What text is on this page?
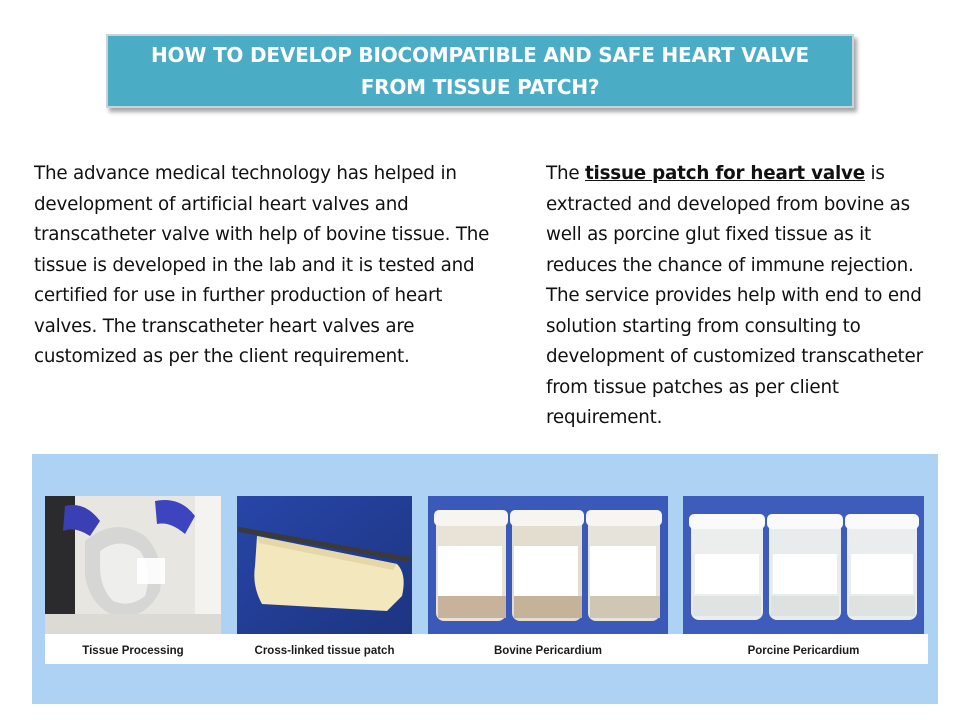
HOW TO DEVELOP BIOCOMPATIBLE AND SAFE HEART VALVE
FROM TISSUE PATCH?
The advance medical technology has helped in development of artificial heart valves and transcatheter valve with help of bovine tissue. The tissue is developed in the lab and it is tested and certified for use in further production of heart valves. The transcatheter heart valves are customized as per the client requirement.
The tissue patch for heart valve is extracted and developed from bovine as well as porcine glut fixed tissue as it reduces the chance of immune rejection. The service provides help with end to end solution starting from consulting to development of customized transcatheter from tissue patches as per client requirement.
Tissue Processing	Cross-linked tissue patch	Bovine Pericardium	Porcine Pericardium
